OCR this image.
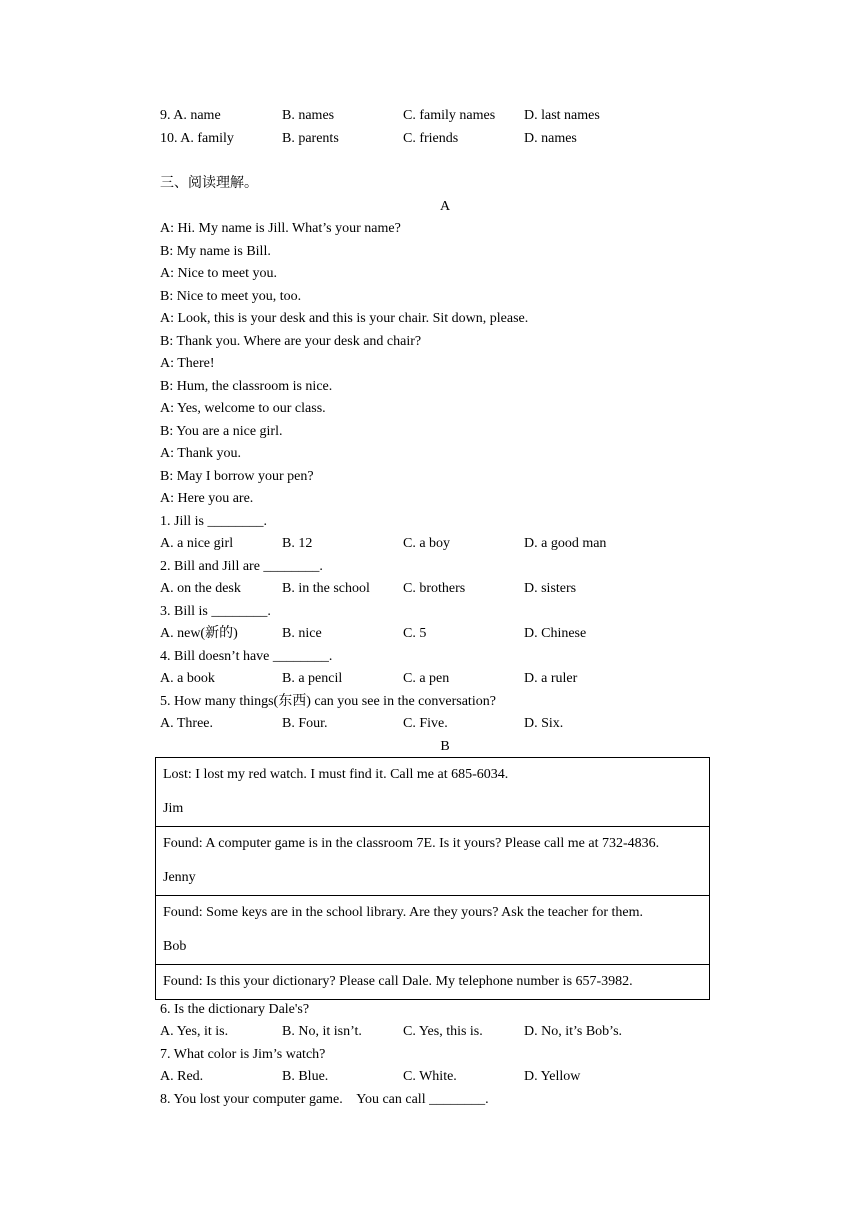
9. A. name	B. names	C. family names D. last names
10. A. family	B. parents	C. friends	D. names
三、阅读理解。
A
A: Hi. My name is Jill. What’s your name?
B: My name is Bill.
A: Nice to meet you.
B: Nice to meet you, too.
A: Look, this is your desk and this is your chair. Sit down, please.
B: Thank you. Where are your desk and chair?
A: There!
B: Hum, the classroom is nice.
A: Yes, welcome to our class.
B: You are a nice girl.
A: Thank you.
B: May I borrow your pen?
A: Here you are.
1. Jill is ________.
A. a nice girl	B. 12	C. a boy	D. a good man
2. Bill and Jill are ________.
A. on the desk	B. in the school C. brothers	D. sisters
3. Bill is ________.
A. new(新的)	B. nice	C. 5	D. Chinese
4. Bill doesn’t have ________.
A. a book	B. a pencil	C. a pen	D. a ruler
5. How many things(东西) can you see in the conversation?
A. Three.	B. Four.	C. Five.	D. Six.
B
Lost: I lost my red watch. I must find it. Call me at 685-6034.
Jim

Found: A computer game is in the classroom 7E. Is it yours? Please call me at 732-4836.
Jenny

Found: Some keys are in the school library. Are they yours? Ask the teacher for them.
Bob

Found: Is this your dictionary? Please call Dale. My telephone number is 657-3982.
6. Is the dictionary Dale's?
A. Yes, it is.	B. No, it isn’t.	C. Yes, this is.	D. No, it’s Bob’s.
7. What color is Jim’s watch?
A. Red.	B. Blue.	C. White.	D. Yellow
8. You lost your computer game.    You can call ________.
